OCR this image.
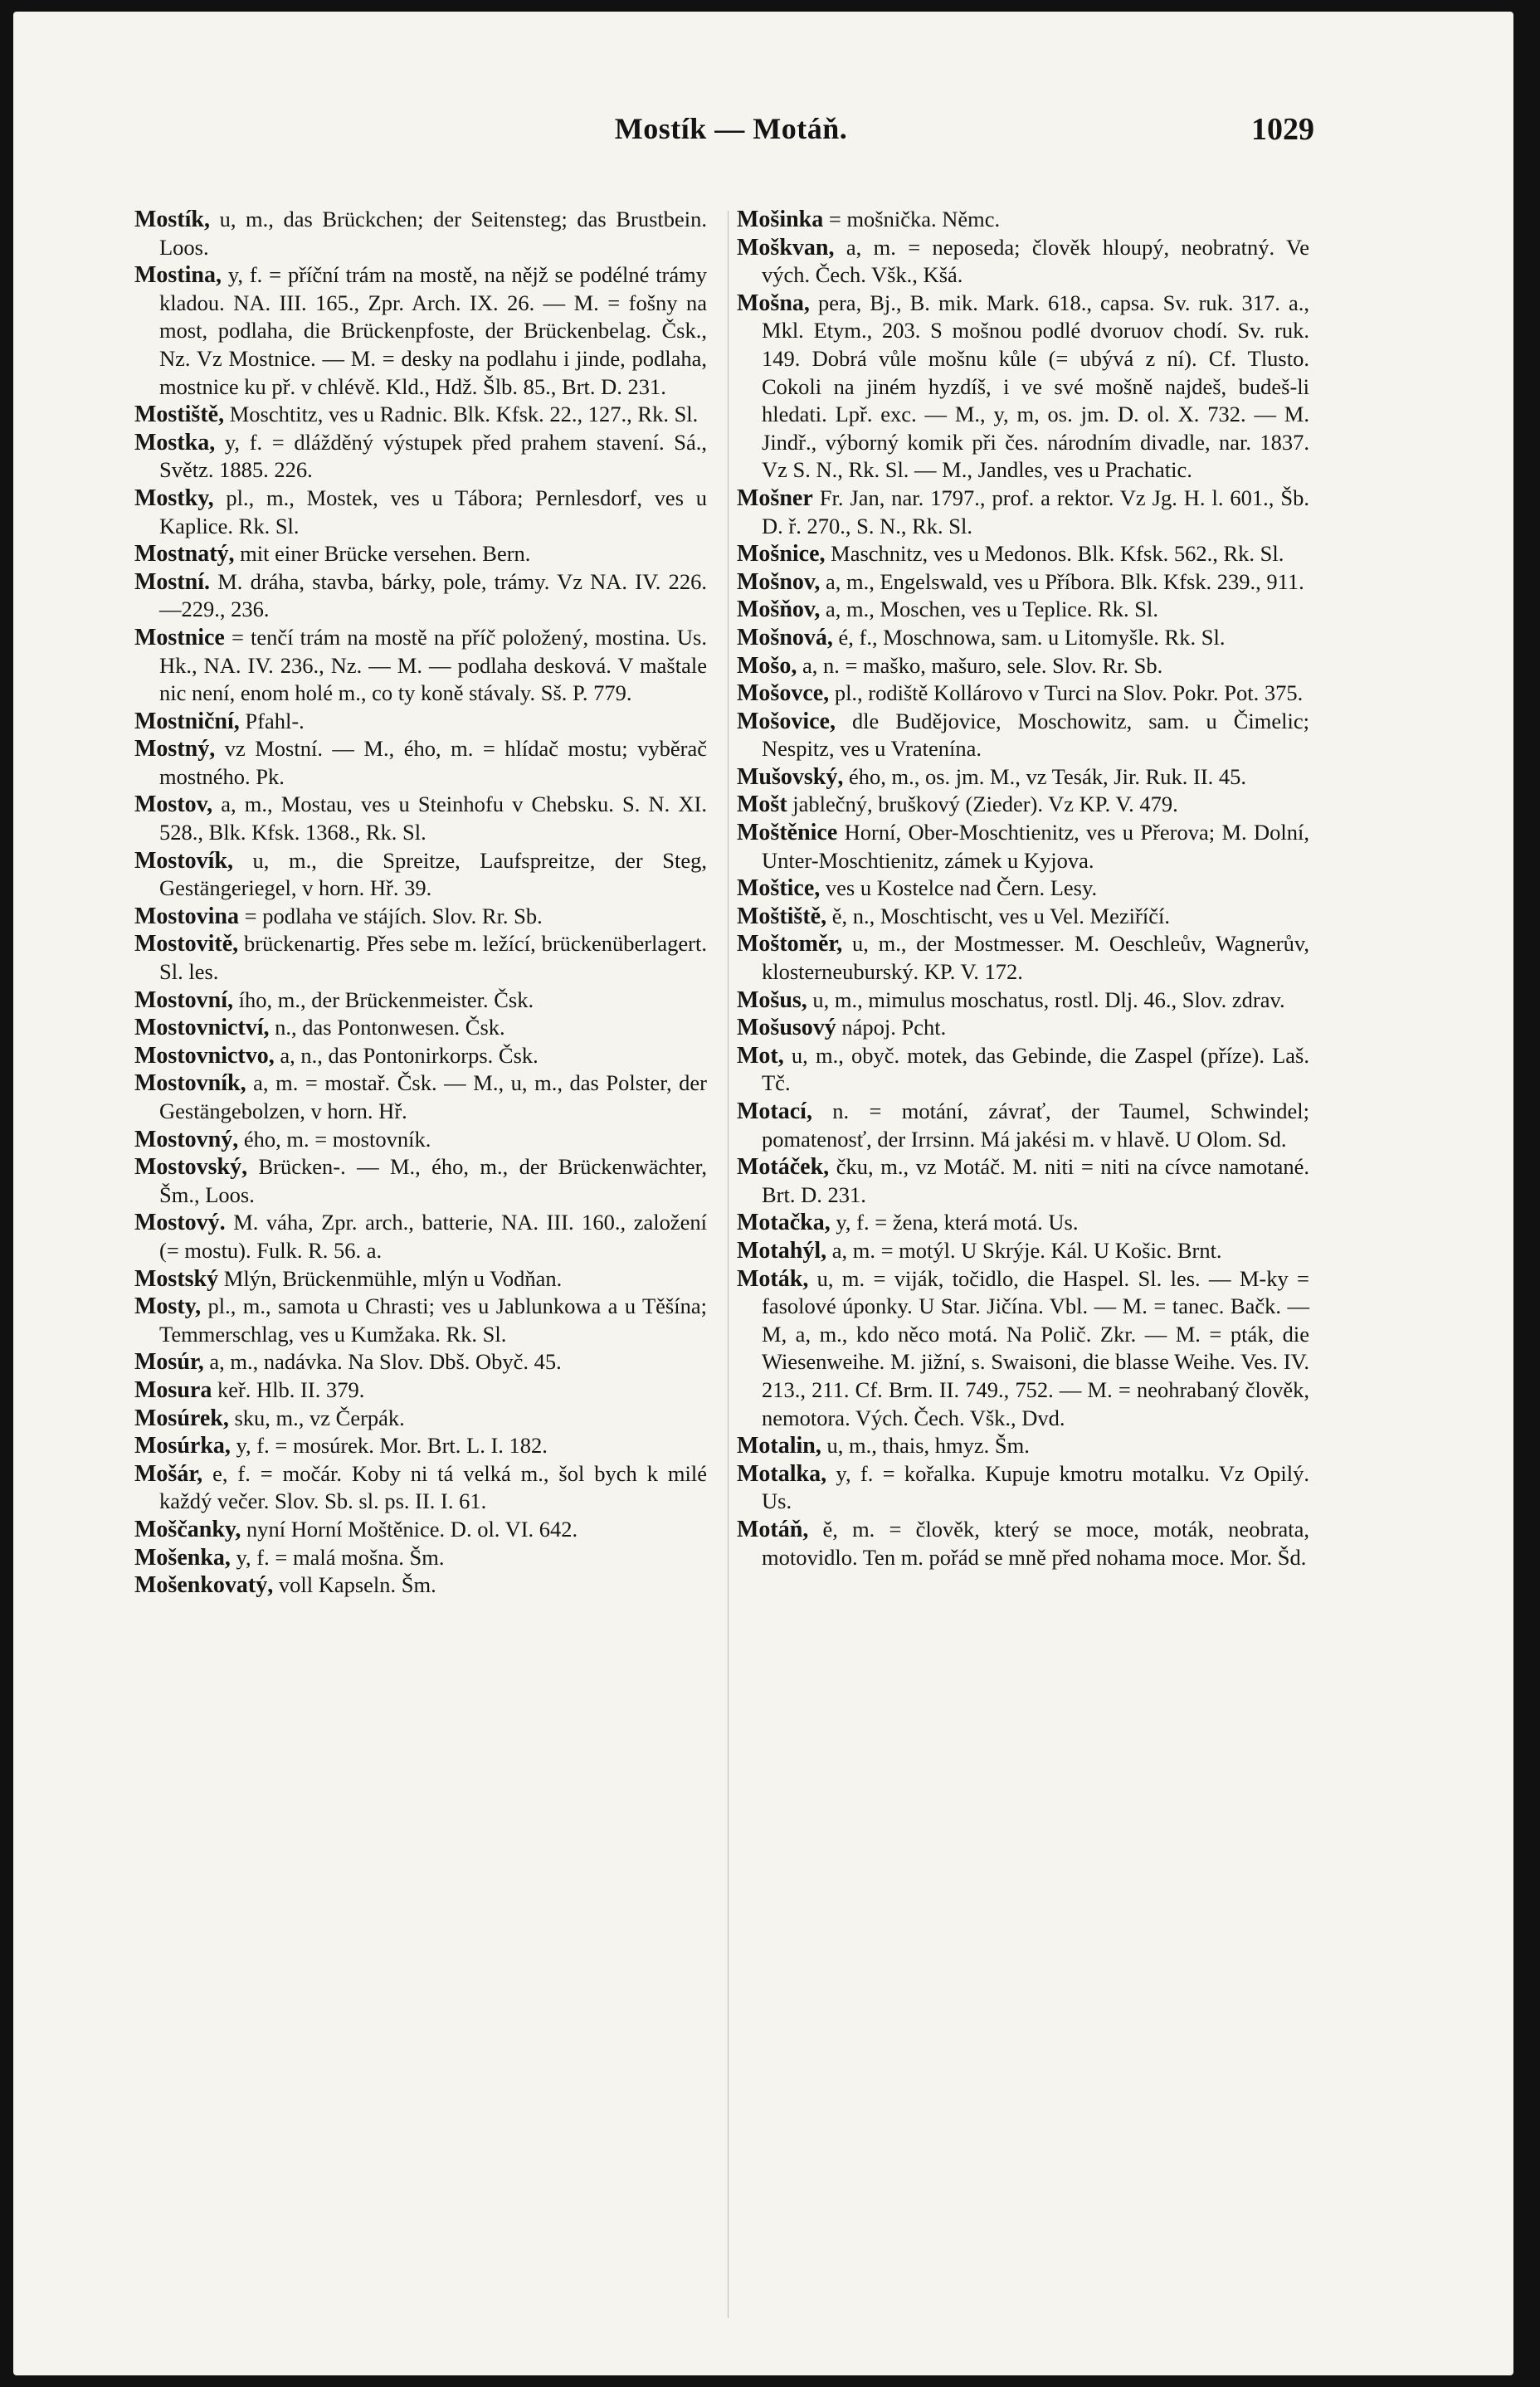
Mostík — Motáň.	1029

Mostík, u, m., das Brückchen; der Seitensteg; das Brustbein. Loos.

Mostina, y, f. = příční trám na mostě, na nějž se podélné trámy kladou. NA. III. 165., Zpr. Arch. IX. 26. — M. = fošny na most, podlaha, die Brückenpfoste, der Brückenbelag. Čsk., Nz. Vz Mostnice. — M. = desky na podlahu i jinde, podlaha, mostnice ku př. v chlévě. Kld., Hdž. Šlb. 85., Brt. D. 231.

Mostiště, Moschtitz, ves u Radnic. Blk. Kfsk. 22., 127., Rk. Sl.

Mostka, y, f. = dlážděný výstupek před prahem stavení. Sá., Světz. 1885. 226.

Mostky, pl., m., Mostek, ves u Tábora; Pernlesdorf, ves u Kaplice. Rk. Sl.

Mostnatý, mit einer Brücke versehen. Bern.

Mostní. M. dráha, stavba, bárky, pole, trámy. Vz NA. IV. 226.—229., 236.

Mostnice = tenčí trám na mostě na příč položený, mostina. Us. Hk., NA. IV. 236., Nz. — M. — podlaha desková. V maštale nic není, enom holé m., co ty koně stávaly. Sš. P. 779.

Mostniční, Pfahl-.

Mostný, vz Mostní. — M., ého, m. = hlídač mostu; vyběrač mostného. Pk.

Mostov, a, m., Mostau, ves u Steinhofu v Chebsku. S. N. XI. 528., Blk. Kfsk. 1368., Rk. Sl.

Mostovík, u, m., die Spreitze, Laufspreitze, der Steg, Gestängeriegel, v horn. Hř. 39.

Mostovina = podlaha ve stájích. Slov. Rr. Sb.

Mostovitě, brückenartig. Přes sebe m. ležící, brückenüberlagert. Sl. les.

Mostovní, ího, m., der Brückenmeister. Čsk.

Mostovnictví, n., das Pontonwesen. Čsk.

Mostovnictvo, a, n., das Pontonirkorps. Čsk.

Mostovník, a, m. = mostař. Čsk. — M., u, m., das Polster, der Gestängebolzen, v horn. Hř.

Mostovný, ého, m. = mostovník.

Mostovský, Brücken-. — M., ého, m., der Brückenwächter, Šm., Loos.

Mostový. M. váha, Zpr. arch., batterie, NA. III. 160., založení (= mostu). Fulk. R. 56. a.

Mostský Mlýn, Brückenmühle, mlýn u Vodňan.

Mosty, pl., m., samota u Chrasti; ves u Jablunkowa a u Těšína; Temmerschlag, ves u Kumžaka. Rk. Sl.

Mosúr, a, m., nadávka. Na Slov. Dbš. Obyč. 45.

Mosura keř. Hlb. II. 379.

Mosúrek, sku, m., vz Čerpák.

Mosúrka, y, f. = mosúrek. Mor. Brt. L. I. 182.

Mošár, e, f. = močár. Koby ni tá velká m., šol bych k milé každý večer. Slov. Sb. sl. ps. II. I. 61.

Moščanky, nyní Horní Moštěnice. D. ol. VI. 642.

Mošenka, y, f. = malá mošna. Šm.

Mošenkovatý, voll Kapseln. Šm.

Mošinka = mošnička. Němc.

Moškvan, a, m. = neposeda; člověk hloupý, neobratný. Ve vých. Čech. Všk., Kšá.

Mošna, pera, Bj., B. mik. Mark. 618., capsa. Sv. ruk. 317. a., Mkl. Etym., 203. S mošnou podlé dvoruov chodí. Sv. ruk. 149. Dobrá vůle mošnu kůle (= ubývá z ní). Cf. Tlusto. Cokoli na jiném hyzdíš, i ve své mošně najdeš, budeš-li hledati. Lpř. exc. — M., y, m, os. jm. D. ol. X. 732. — M. Jindř., výborný komik při čes. národním divadle, nar. 1837. Vz S. N., Rk. Sl. — M., Jandles, ves u Prachatic.

Mošner Fr. Jan, nar. 1797., prof. a rektor. Vz Jg. H. l. 601., Šb. D. ř. 270., S. N., Rk. Sl.

Mošnice, Maschnitz, ves u Medonos. Blk. Kfsk. 562., Rk. Sl.

Mošnov, a, m., Engelswald, ves u Příbora. Blk. Kfsk. 239., 911.

Mošňov, a, m., Moschen, ves u Teplice. Rk. Sl.

Mošnová, é, f., Moschnowa, sam. u Litomyšle. Rk. Sl.

Mošo, a, n. = maško, mašuro, sele. Slov. Rr. Sb.

Mošovce, pl., rodiště Kollárovo v Turci na Slov. Pokr. Pot. 375.

Mošovice, dle Budějovice, Moschowitz, sam. u Čimelic; Nespitz, ves u Vratenína.

Mušovský, ého, m., os. jm. M., vz Tesák, Jir. Ruk. II. 45.

Mošt jablečný, bruškový (Zieder). Vz KP. V. 479.

Moštěnice Horní, Ober-Moschtienitz, ves u Přerova; M. Dolní, Unter-Moschtienitz, zámek u Kyjova.

Moštice, ves u Kostelce nad Čern. Lesy.

Moštiště, ě, n., Moschtischt, ves u Vel. Meziříčí.

Moštoměr, u, m., der Mostmesser. M. Oeschleův, Wagnerův, klosterneuburský. KP. V. 172.

Mošus, u, m., mimulus moschatus, rostl. Dlj. 46., Slov. zdrav.

Mošusový nápoj. Pcht.

Mot, u, m., obyč. motek, das Gebinde, die Zaspel (příze). Laš. Tč.

Motací, n. = motání, závrať, der Taumel, Schwindel; pomatenosť, der Irrsinn. Má jakési m. v hlavě. U Olom. Sd.

Motáček, čku, m., vz Motáč. M. niti = niti na cívce namotané. Brt. D. 231.

Motačka, y, f. = žena, která motá. Us.

Motahýl, a, m. = motýl. U Skrýje. Kál. U Košic. Brnt.

Moták, u, m. = viják, točidlo, die Haspel. Sl. les. — M-ky = fasolové úponky. U Star. Jičína. Vbl. — M. = tanec. Bačk. — M, a, m., kdo něco motá. Na Polič. Zkr. — M. = pták, die Wiesenweihe. M. jižní, s. Swaisoni, die blasse Weihe. Ves. IV. 213., 211. Cf. Brm. II. 749., 752. — M. = neohrabaný člověk, nemotora. Vých. Čech. Všk., Dvd.

Motalin, u, m., thais, hmyz. Šm.

Motalka, y, f. = kořalka. Kupuje kmotru motalku. Vz Opilý. Us.

Motáň, ě, m. = člověk, který se moce, moták, neobrata, motovidlo. Ten m. pořád se mně před nohama moce. Mor. Šd.
